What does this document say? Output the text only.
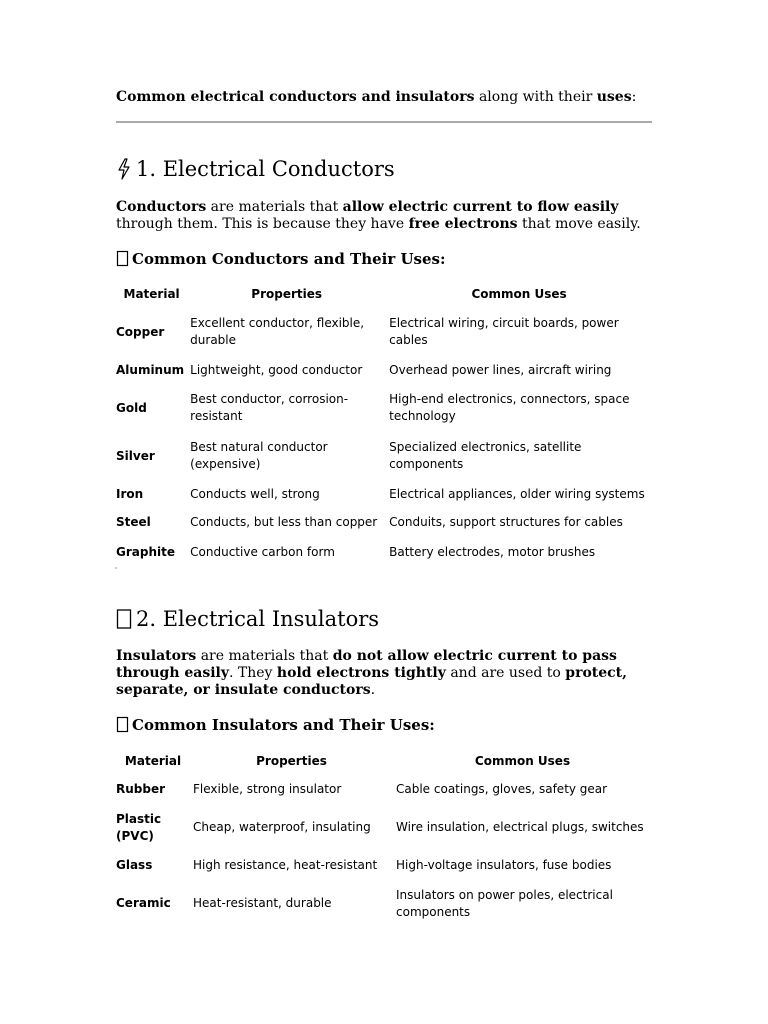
Common electrical conductors and insulators along with their uses:
1. Electrical Conductors

Conductors are materials that allow electric current to flow easily through them. This is because they have free electrons that move easily.

Common Conductors and Their Uses:
Material	Properties	Common Uses
Copper	Excellent conductor, flexible, durable	Electrical wiring, circuit boards, power cables
Aluminum	Lightweight, good conductor	Overhead power lines, aircraft wiring
Gold	Best conductor, corrosion-resistant	High-end electronics, connectors, space technology
Silver	Best natural conductor (expensive)	Specialized electronics, satellite components
Iron	Conducts well, strong	Electrical appliances, older wiring systems
Steel	Conducts, but less than copper	Conduits, support structures for cables
Graphite	Conductive carbon form	Battery electrodes, motor brushes
2. Electrical Insulators

Insulators are materials that do not allow electric current to pass through easily. They hold electrons tightly and are used to protect, separate, or insulate conductors.

Common Insulators and Their Uses:
Material	Properties	Common Uses
Rubber	Flexible, strong insulator	Cable coatings, gloves, safety gear
Plastic (PVC)	Cheap, waterproof, insulating	Wire insulation, electrical plugs, switches
Glass	High resistance, heat-resistant	High-voltage insulators, fuse bodies
Ceramic	Heat-resistant, durable	Insulators on power poles, electrical components
